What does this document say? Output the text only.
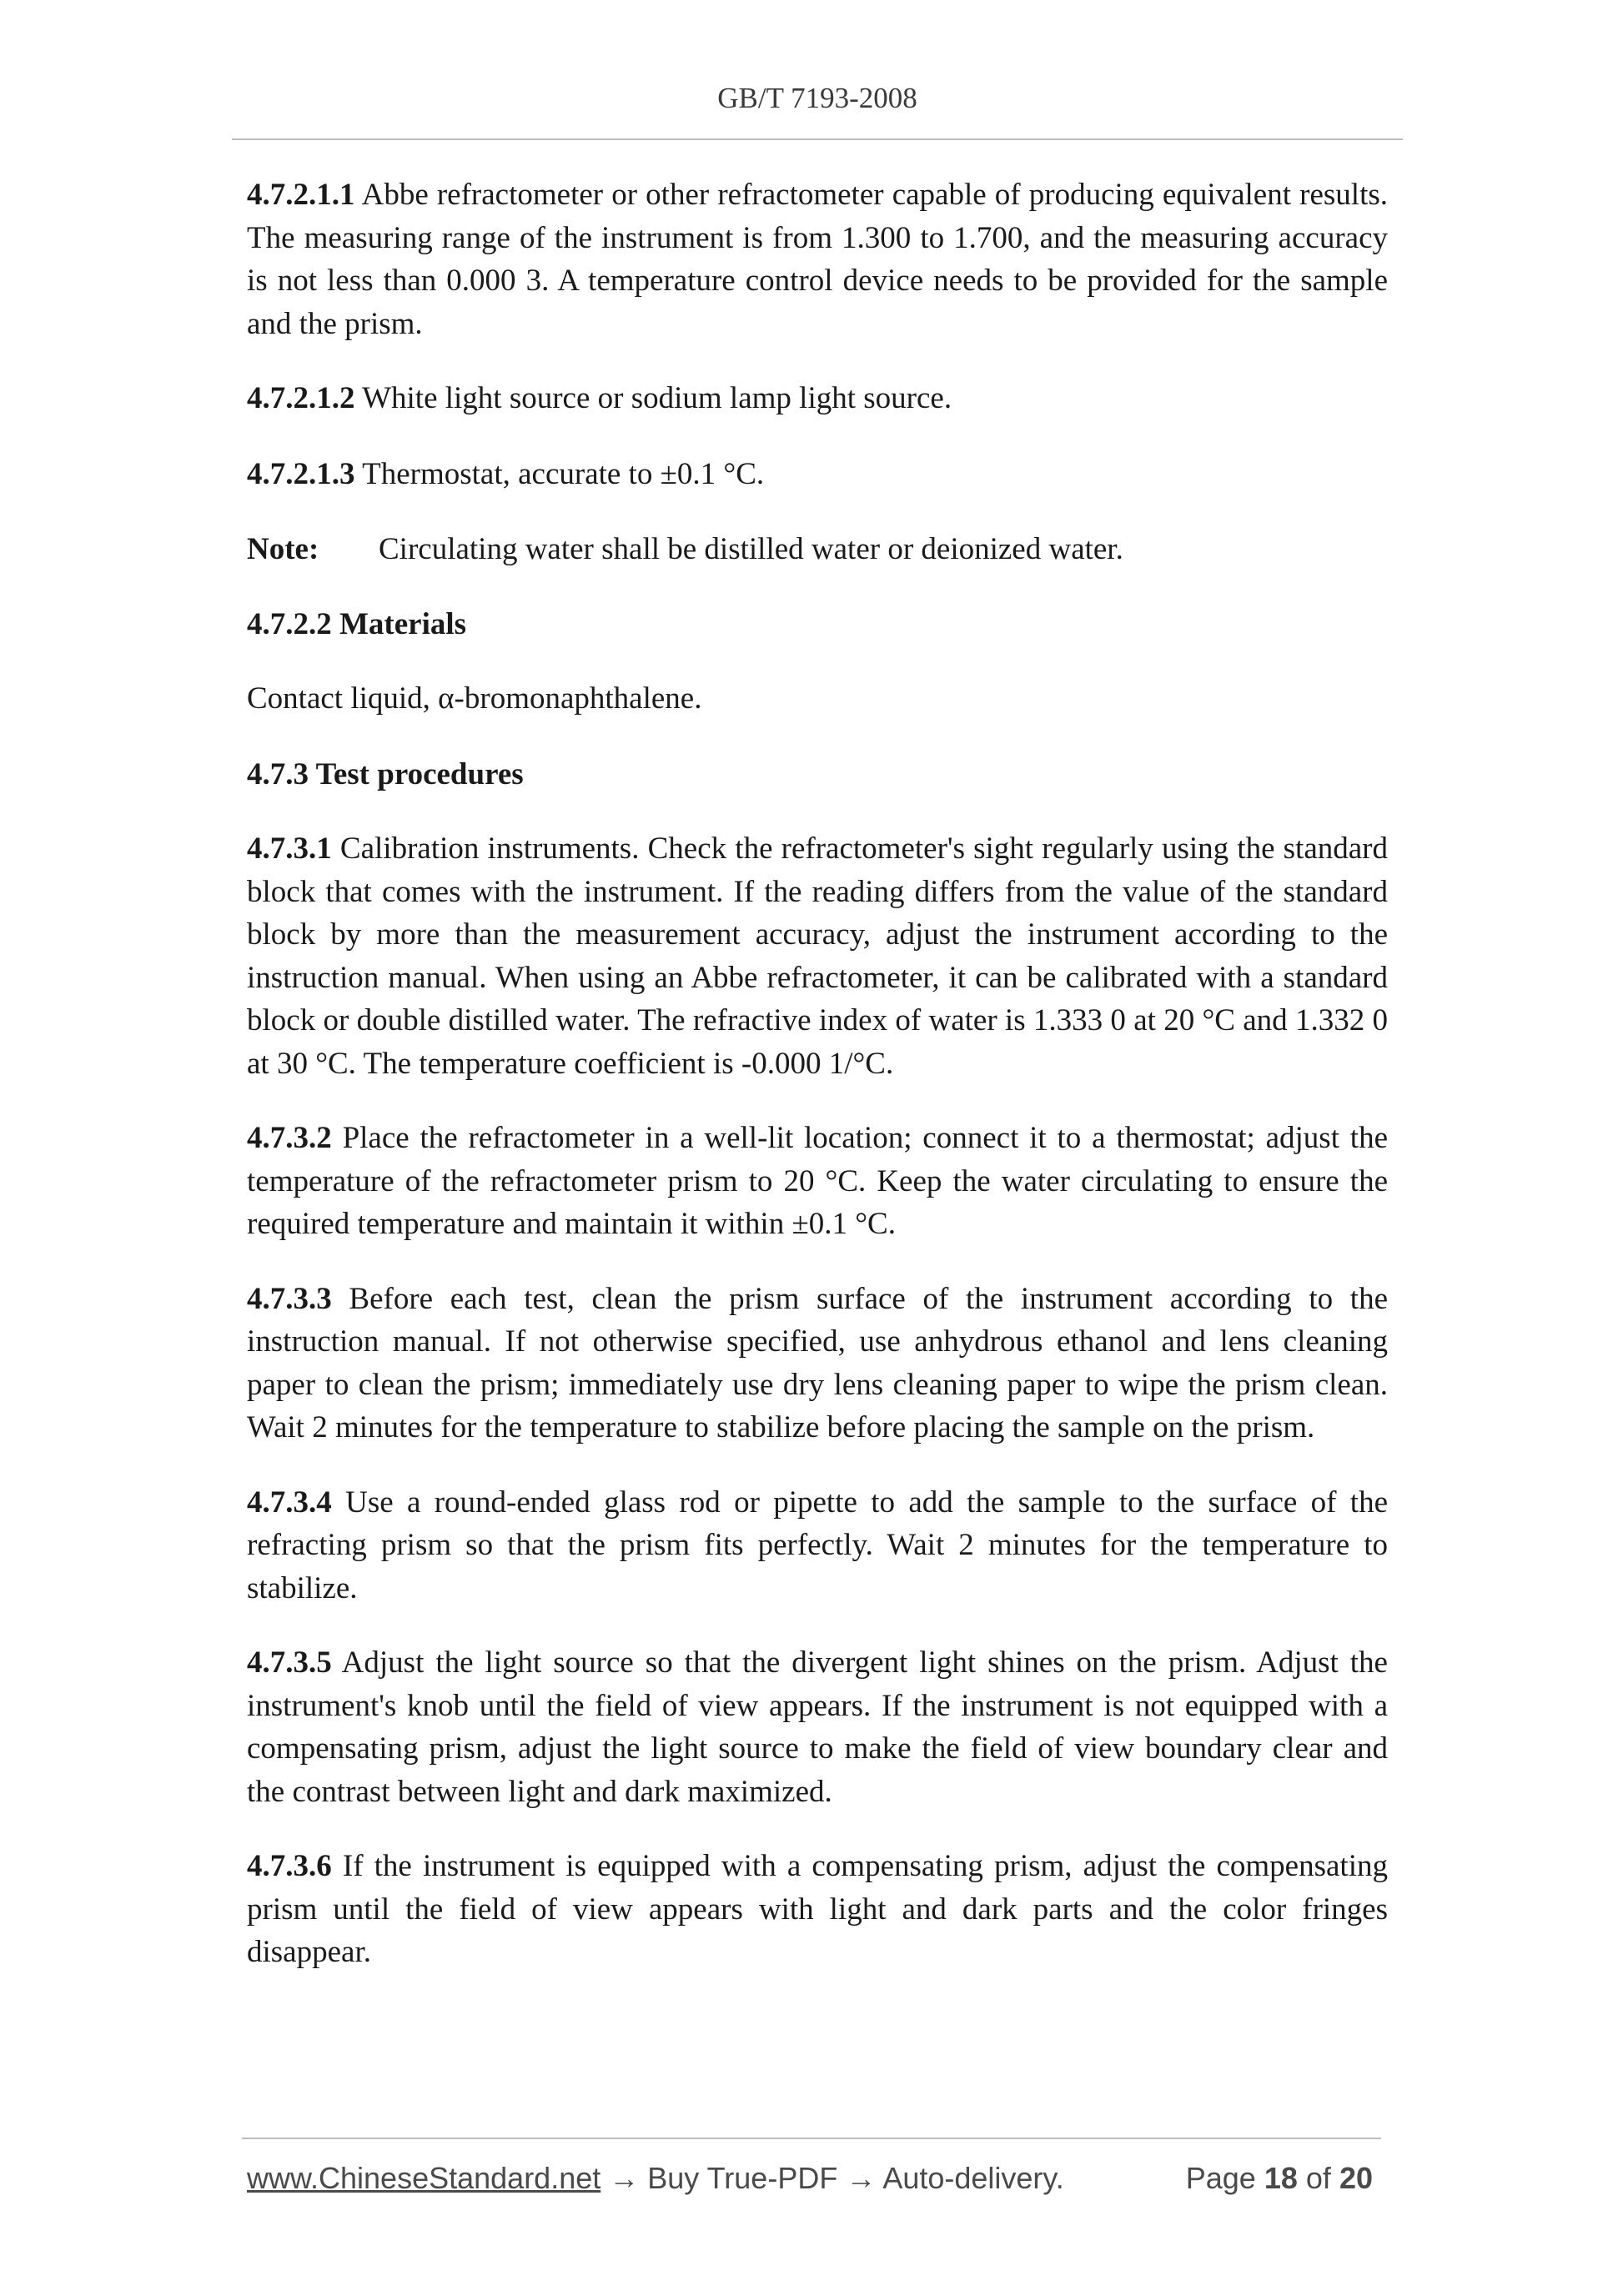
GB/T 7193-2008

4.7.2.1.1 Abbe refractometer or other refractometer capable of producing equivalent results. The measuring range of the instrument is from 1.300 to 1.700, and the measuring accuracy is not less than 0.000 3. A temperature control device needs to be provided for the sample and the prism.

4.7.2.1.2 White light source or sodium lamp light source.

4.7.2.1.3 Thermostat, accurate to ±0.1 °C.

Note: Circulating water shall be distilled water or deionized water.
4.7.2.2 Materials

Contact liquid, α-bromonaphthalene.

4.7.3 Test procedures

4.7.3.1 Calibration instruments. Check the refractometer's sight regularly using the standard block that comes with the instrument. If the reading differs from the value of the standard block by more than the measurement accuracy, adjust the instrument according to the instruction manual. When using an Abbe refractometer, it can be calibrated with a standard block or double distilled water. The refractive index of water is 1.333 0 at 20 °C and 1.332 0 at 30 °C. The temperature coefficient is -0.000 1/°C.

4.7.3.2 Place the refractometer in a well-lit location; connect it to a thermostat; adjust the temperature of the refractometer prism to 20 °C. Keep the water circulating to ensure the required temperature and maintain it within ±0.1 °C.

4.7.3.3 Before each test, clean the prism surface of the instrument according to the instruction manual. If not otherwise specified, use anhydrous ethanol and lens cleaning paper to clean the prism; immediately use dry lens cleaning paper to wipe the prism clean. Wait 2 minutes for the temperature to stabilize before placing the sample on the prism.

4.7.3.4 Use a round-ended glass rod or pipette to add the sample to the surface of the refracting prism so that the prism fits perfectly. Wait 2 minutes for the temperature to stabilize.

4.7.3.5 Adjust the light source so that the divergent light shines on the prism. Adjust the instrument's knob until the field of view appears. If the instrument is not equipped with a compensating prism, adjust the light source to make the field of view boundary clear and the contrast between light and dark maximized.

4.7.3.6 If the instrument is equipped with a compensating prism, adjust the compensating prism until the field of view appears with light and dark parts and the color fringes disappear.

www.ChineseStandard.net → Buy True-PDF → Auto-delivery.	Page 18 of 20
